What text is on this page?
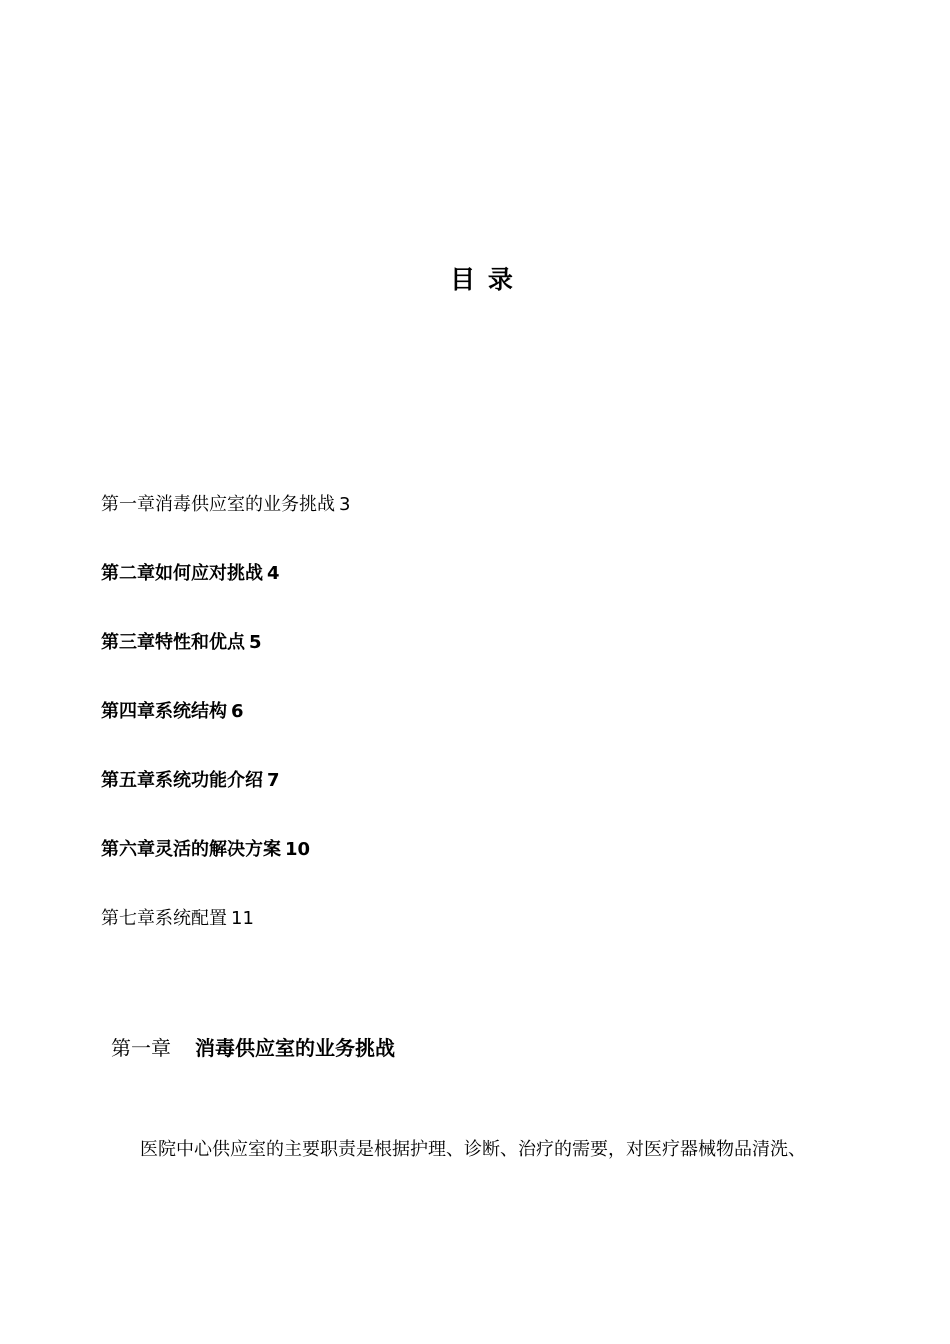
目 录
第一章消毒供应室的业务挑战 3
第二章如何应对挑战 4
第三章特性和优点 5
第四章系统结构 6
第五章系统功能介绍 7
第六章灵活的解决方案 10
第七章系统配置 11
第一章 消毒供应室的业务挑战

医院中心供应室的主要职责是根据护理、诊断、治疗的需要，对医疗器械物品清洗、
